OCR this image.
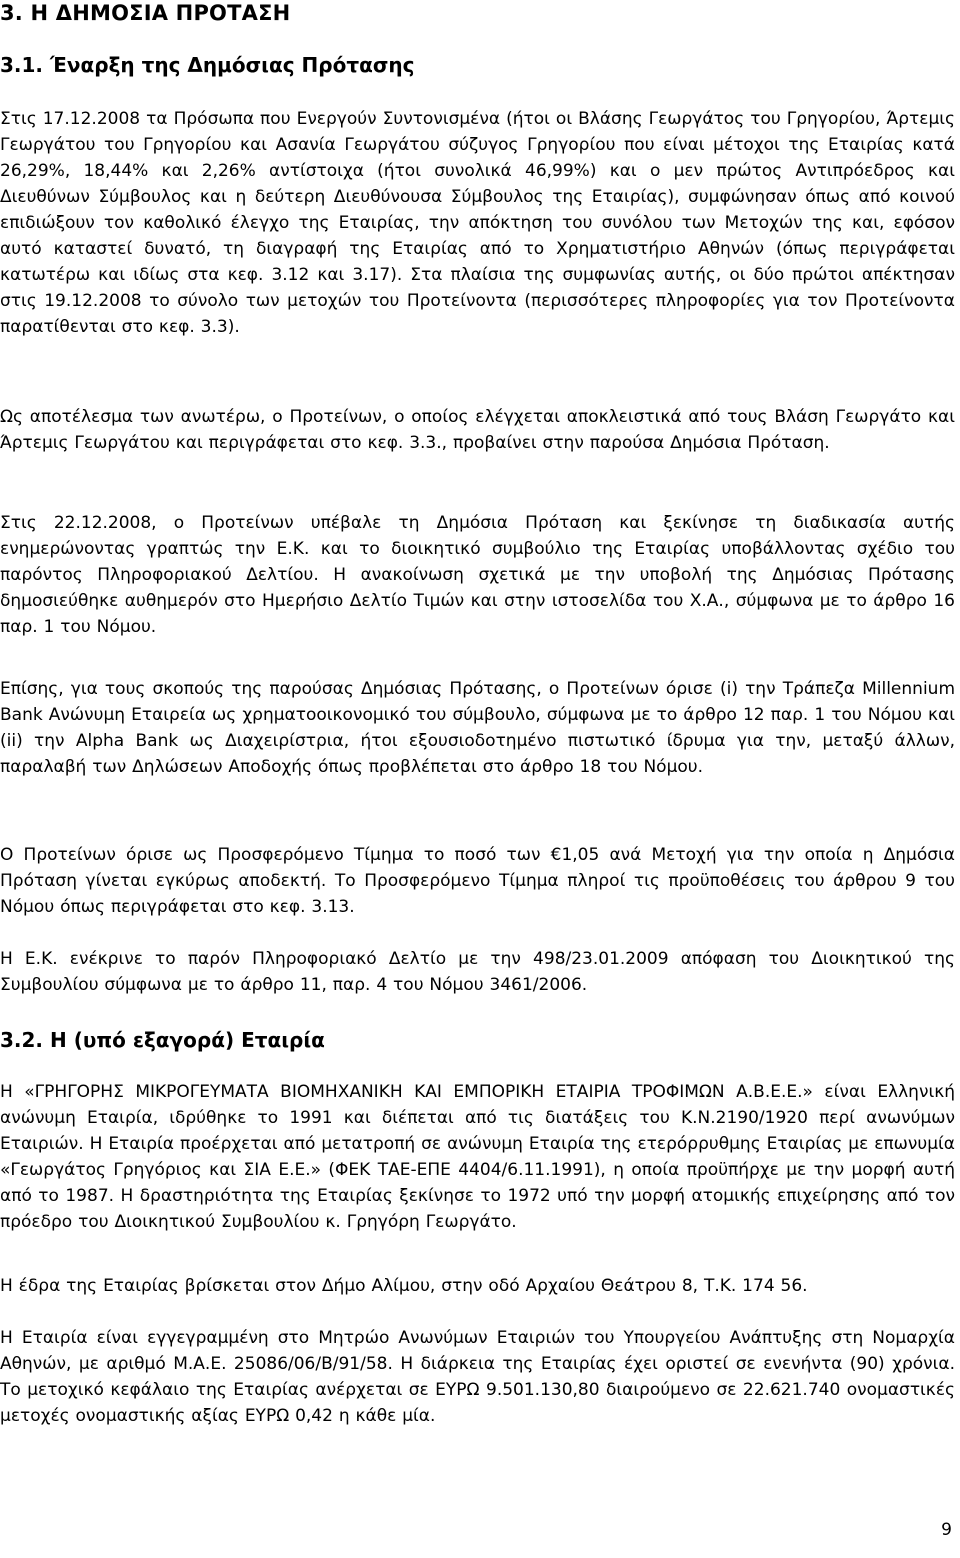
3. Η ΔΗΜΟΣΙΑ ΠΡΟΤΑΣΗ
3.1. Έναρξη της Δημόσιας Πρότασης

Στις 17.12.2008 τα Πρόσωπα που Ενεργούν Συντονισμένα (ήτοι οι Βλάσης Γεωργάτος του Γρηγορίου, Άρτεμις Γεωργάτου του Γρηγορίου και Ασανία Γεωργάτου σύζυγος Γρηγορίου που είναι μέτοχοι της Εταιρίας κατά 26,29%, 18,44% και 2,26% αντίστοιχα (ήτοι συνολικά 46,99%) και ο μεν πρώτος Αντιπρόεδρος και Διευθύνων Σύμβουλος και η δεύτερη Διευθύνουσα Σύμβουλος της Εταιρίας), συμφώνησαν όπως από κοινού επιδιώξουν τον καθολικό έλεγχο της Εταιρίας, την απόκτηση του συνόλου των Μετοχών της και, εφόσον αυτό καταστεί δυνατό, τη διαγραφή της Εταιρίας από το Χρηματιστήριο Αθηνών (όπως περιγράφεται κατωτέρω και ιδίως στα κεφ. 3.12 και 3.17). Στα πλαίσια της συμφωνίας αυτής, οι δύο πρώτοι απέκτησαν στις 19.12.2008 το σύνολο των μετοχών του Προτείνοντα (περισσότερες πληροφορίες για τον Προτείνοντα παρατίθενται στο κεφ. 3.3).

Ως αποτέλεσμα των ανωτέρω, ο Προτείνων, ο οποίος ελέγχεται αποκλειστικά από τους Βλάση Γεωργάτο και Άρτεμις Γεωργάτου και περιγράφεται στο κεφ. 3.3., προβαίνει στην παρούσα Δημόσια Πρόταση.

Στις 22.12.2008, ο Προτείνων υπέβαλε τη Δημόσια Πρόταση και ξεκίνησε τη διαδικασία αυτής ενημερώνοντας γραπτώς την Ε.Κ. και το διοικητικό συμβούλιο της Εταιρίας υποβάλλοντας σχέδιο του παρόντος Πληροφοριακού Δελτίου. Η ανακοίνωση σχετικά με την υποβολή της Δημόσιας Πρότασης δημοσιεύθηκε αυθημερόν στο Ημερήσιο Δελτίο Τιμών και στην ιστοσελίδα του Χ.Α., σύμφωνα με το άρθρο 16 παρ. 1 του Νόμου.

Επίσης, για τους σκοπούς της παρούσας Δημόσιας Πρότασης, ο Προτείνων όρισε (i) την Τράπεζα Millennium Bank Ανώνυμη Εταιρεία ως χρηματοοικονομικό του σύμβουλο, σύμφωνα με το άρθρο 12 παρ. 1 του Νόμου και (ii) την Alpha Bank ως Διαχειρίστρια, ήτοι εξουσιοδοτημένο πιστωτικό ίδρυμα για την, μεταξύ άλλων, παραλαβή των Δηλώσεων Αποδοχής όπως προβλέπεται στο άρθρο 18 του Νόμου.

Ο Προτείνων όρισε ως Προσφερόμενο Τίμημα το ποσό των €1,05 ανά Μετοχή για την οποία η Δημόσια Πρόταση γίνεται εγκύρως αποδεκτή. Το Προσφερόμενο Τίμημα πληροί τις προϋποθέσεις του άρθρου 9 του Νόμου όπως περιγράφεται στο κεφ. 3.13.

Η Ε.Κ. ενέκρινε το παρόν Πληροφοριακό Δελτίο με την 498/23.01.2009 απόφαση του Διοικητικού της Συμβουλίου σύμφωνα με το άρθρο 11, παρ. 4 του Νόμου 3461/2006.

3.2. Η (υπό εξαγορά) Εταιρία

Η «ΓΡΗΓΟΡΗΣ ΜΙΚΡΟΓΕΥΜΑΤΑ ΒΙΟΜΗΧΑΝΙΚΗ ΚΑΙ ΕΜΠΟΡΙΚΗ ΕΤΑΙΡΙΑ ΤΡΟΦΙΜΩΝ Α.Β.Ε.Ε.» είναι Ελληνική ανώνυμη Εταιρία, ιδρύθηκε το 1991 και διέπεται από τις διατάξεις του Κ.Ν.2190/1920 περί ανωνύμων Εταιριών. Η Εταιρία προέρχεται από μετατροπή σε ανώνυμη Εταιρία της ετερόρρυθμης Εταιρίας με επωνυμία «Γεωργάτος Γρηγόριος και ΣΙΑ Ε.Ε.» (ΦΕΚ ΤΑΕ-ΕΠΕ 4404/6.11.1991), η οποία προϋπήρχε με την μορφή αυτή από το 1987. Η δραστηριότητα της Εταιρίας ξεκίνησε το 1972 υπό την μορφή ατομικής επιχείρησης από τον πρόεδρο του Διοικητικού Συμβουλίου κ. Γρηγόρη Γεωργάτο.

Η έδρα της Εταιρίας βρίσκεται στον Δήμο Αλίμου, στην οδό Αρχαίου Θεάτρου 8, Τ.Κ. 174 56.

Η Εταιρία είναι εγγεγραμμένη στο Μητρώο Ανωνύμων Εταιριών του Υπουργείου Ανάπτυξης στη Νομαρχία Αθηνών, με αριθμό Μ.Α.Ε. 25086/06/Β/91/58. Η διάρκεια της Εταιρίας έχει οριστεί σε ενενήντα (90) χρόνια. Το μετοχικό κεφάλαιο της Εταιρίας ανέρχεται σε ΕΥΡΩ 9.501.130,80 διαιρούμενο σε 22.621.740 ονομαστικές μετοχές ονομαστικής αξίας ΕΥΡΩ 0,42 η κάθε μία.

9
